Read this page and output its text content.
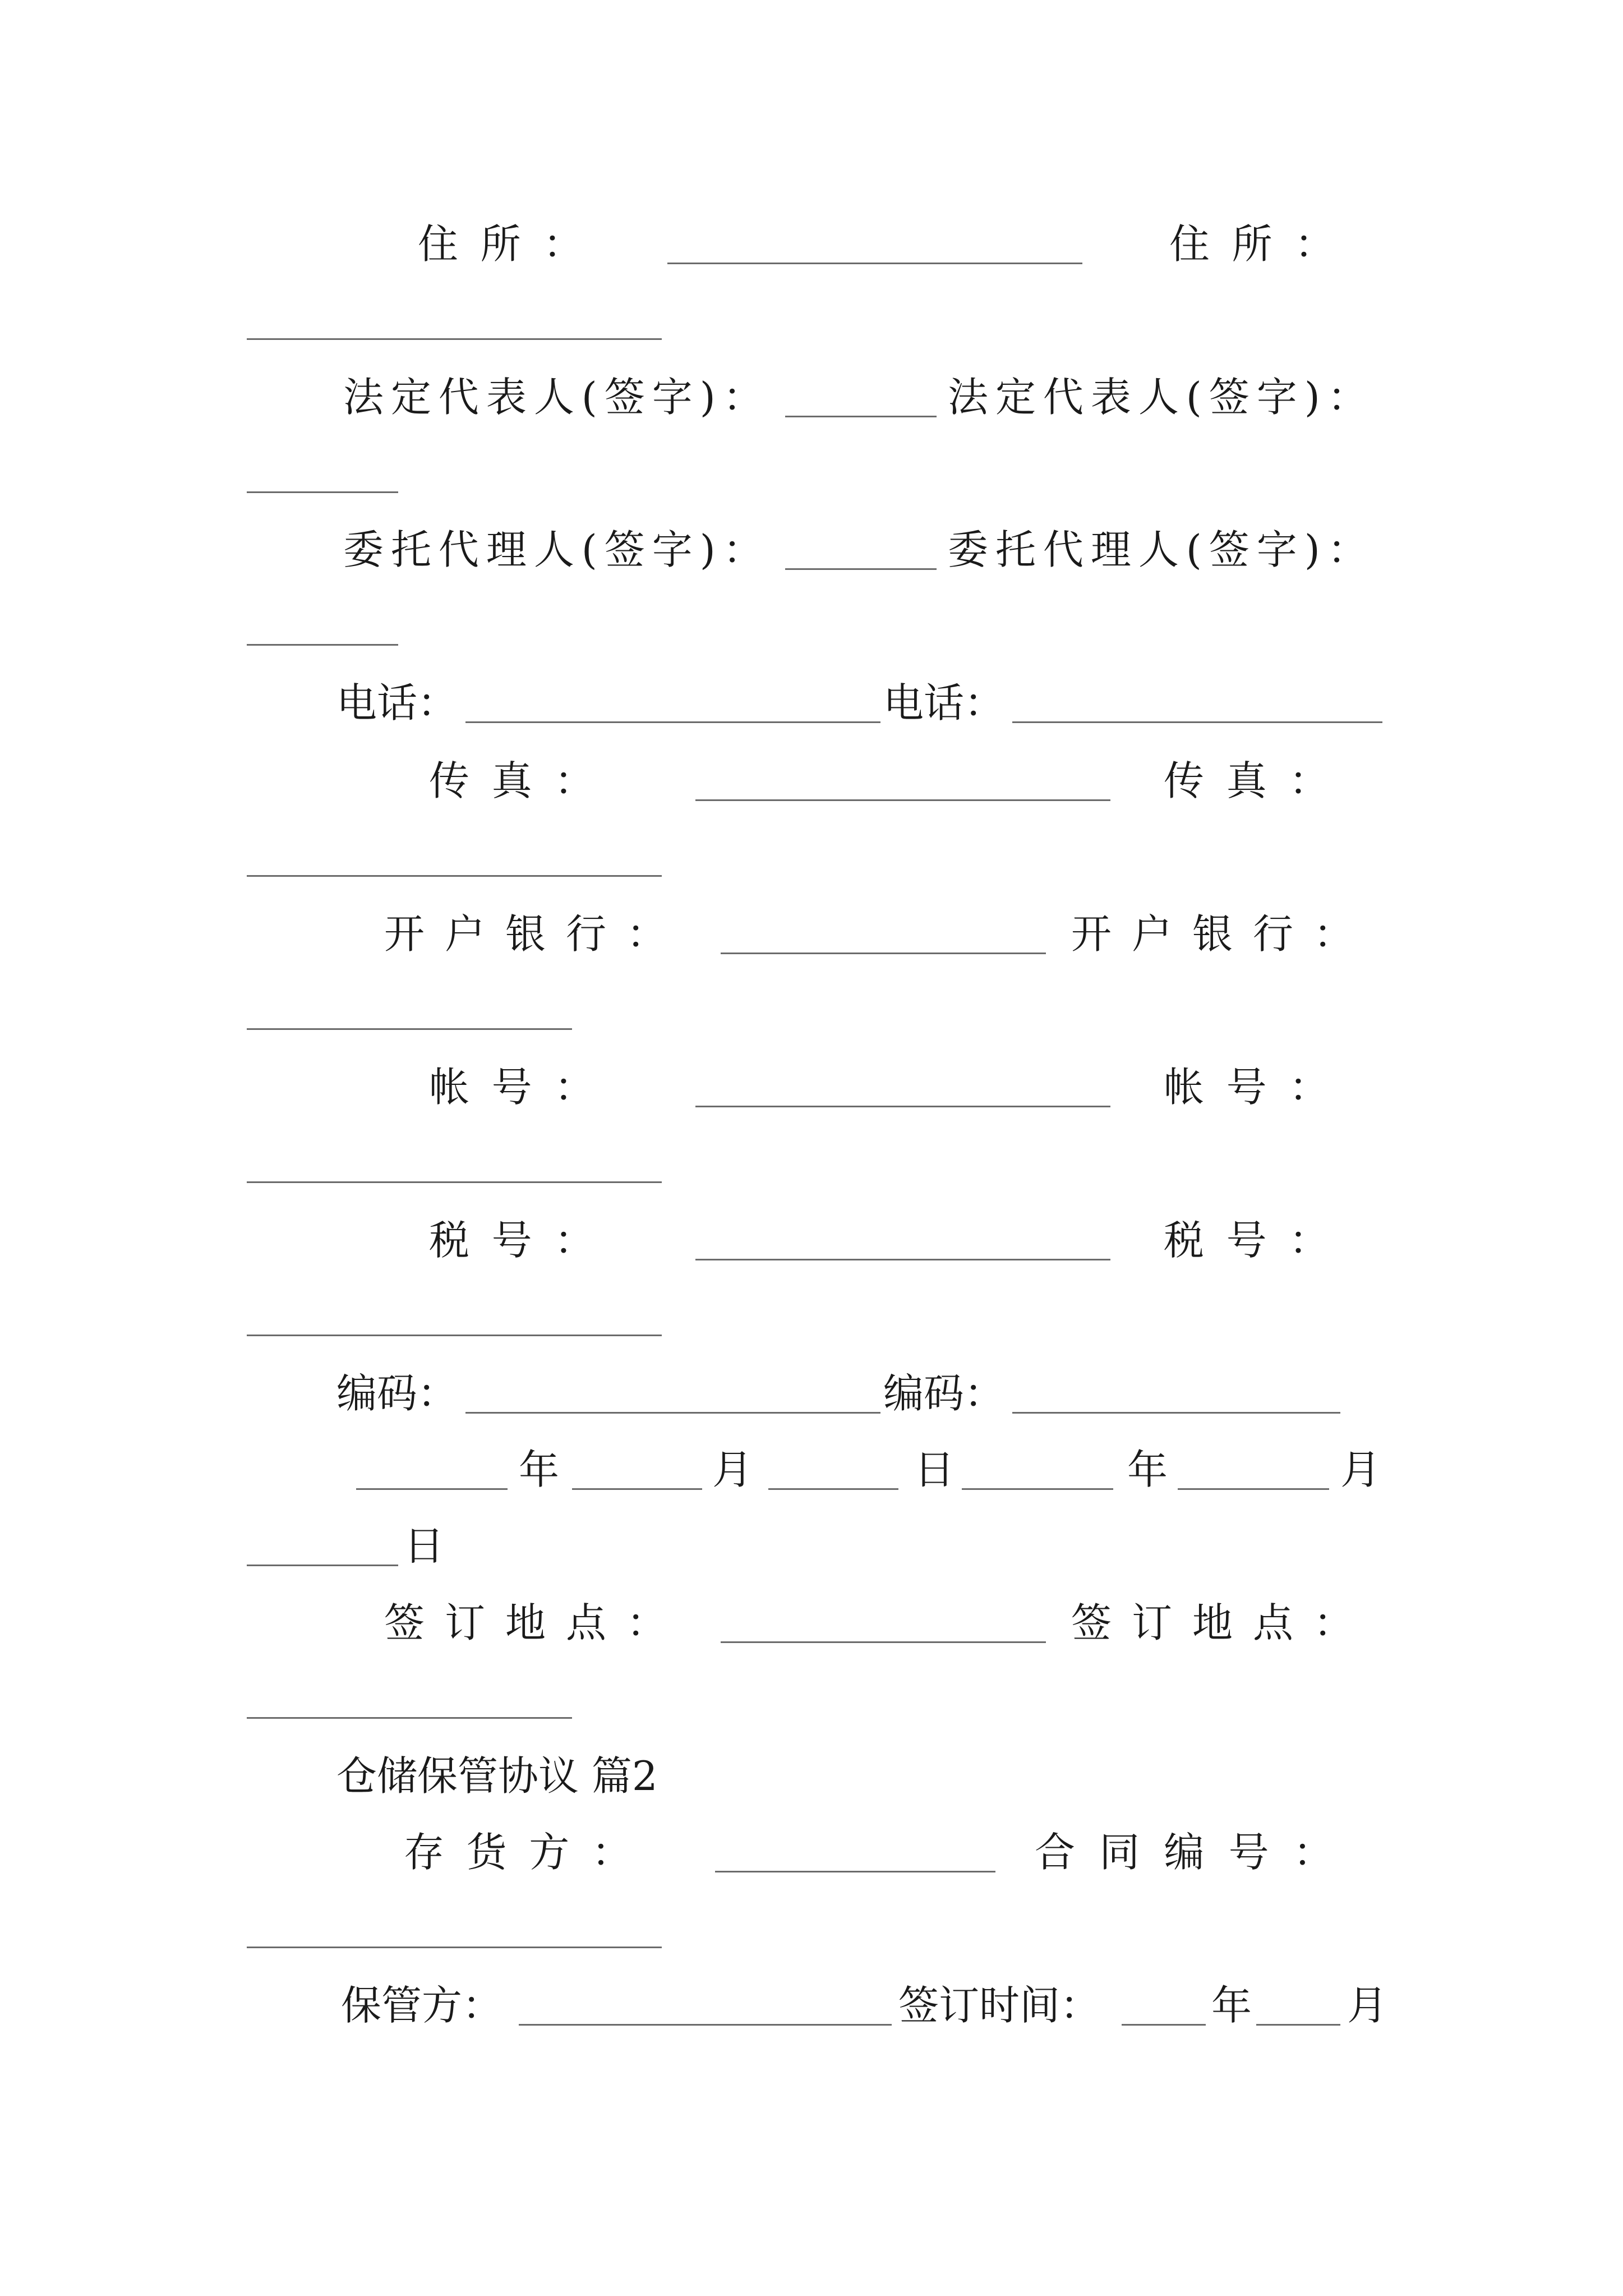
住所：	住所：
法定代表人(签字)：	法定代表人(签字)：
委托代理人(签字)：	委托代理人(签字)：
电话：	电话：
传真：	传真：
开户银行：	开户银行：
帐号：	帐号：
税号：	税号：
编码：	编码：
年	月	日	年	月
日
签订地点：	签订地点：
仓储保管协议 篇2
存货方：	合同编号：
保管方：	签订时间：	年 月
